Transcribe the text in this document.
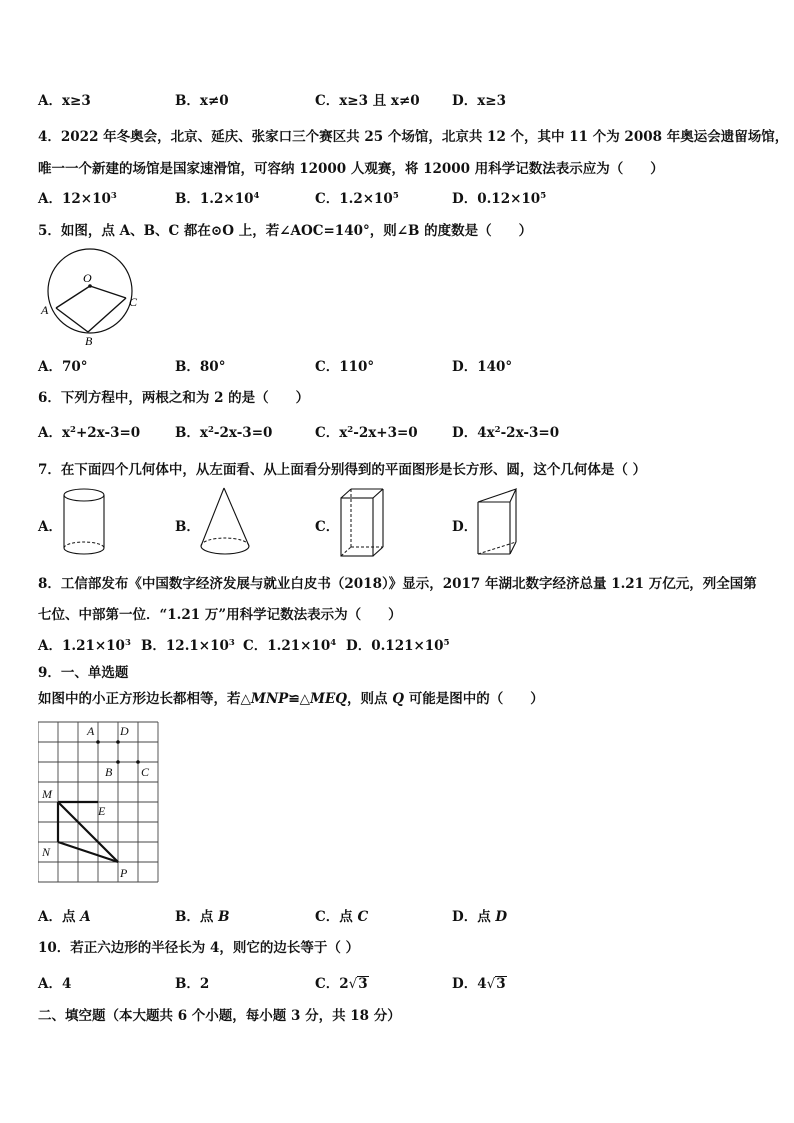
A．x≥3	B．x≠0	C．x≥3 且 x≠0 D．x≥3
4．2022 年冬奥会，北京、延庆、张家口三个赛区共 25 个场馆，北京共 12 个，其中 11 个为 2008 年奥运会遗留场馆，
唯一一个新建的场馆是国家速滑馆，可容纳 12000 人观赛，将 12000 用科学记数法表示应为（　　）
A．$12\times 10^3$	B．$1.2\times 10^4$	C．$1.2\times 10^5$	D．$0.12\times 10^5$
5．如图，点 A、B、C 都在⊙O 上，若∠AOC=140°，则∠B 的度数是（　　）
O
A
B
C
A．70°	B．80°	C．110°	D．140°
6．下列方程中，两根之和为 2 的是（　　）
A．$x^2+2x-3=0$	B．$x^2-2x-3=0$	C．$x^2-2x+3=0$	D．$4x^2-2x-3=0$
7．在下面四个几何体中，从左面看、从上面看分别得到的平面图形是长方形、圆，这个几何体是（ ）
A．	B．	C．	D．
8．工信部发布《中国数字经济发展与就业白皮书（2018）》显示，2017 年湖北数字经济总量 1.21 万亿元，列全国第
七位、中部第一位．“1.21 万”用科学记数法表示为（　　）
A．$1.21\times 10^3$ B．$12.1\times 10^3$ C．$1.21\times 10^4$ D．$0.121\times 10^5$
9．一、单选题
如图中的小正方形边长都相等，若△MNP≌△MEQ，则点 Q 可能是图中的（　　）
A D
B C
M
E
N
P
A．点 A	B．点 B	C．点 C	D．点 D
10．若正六边形的半径长为 4，则它的边长等于（ ）
A．4	B．2	C．2√3	D．4√3
二、填空题（本大题共 6 个小题，每小题 3 分，共 18 分）
